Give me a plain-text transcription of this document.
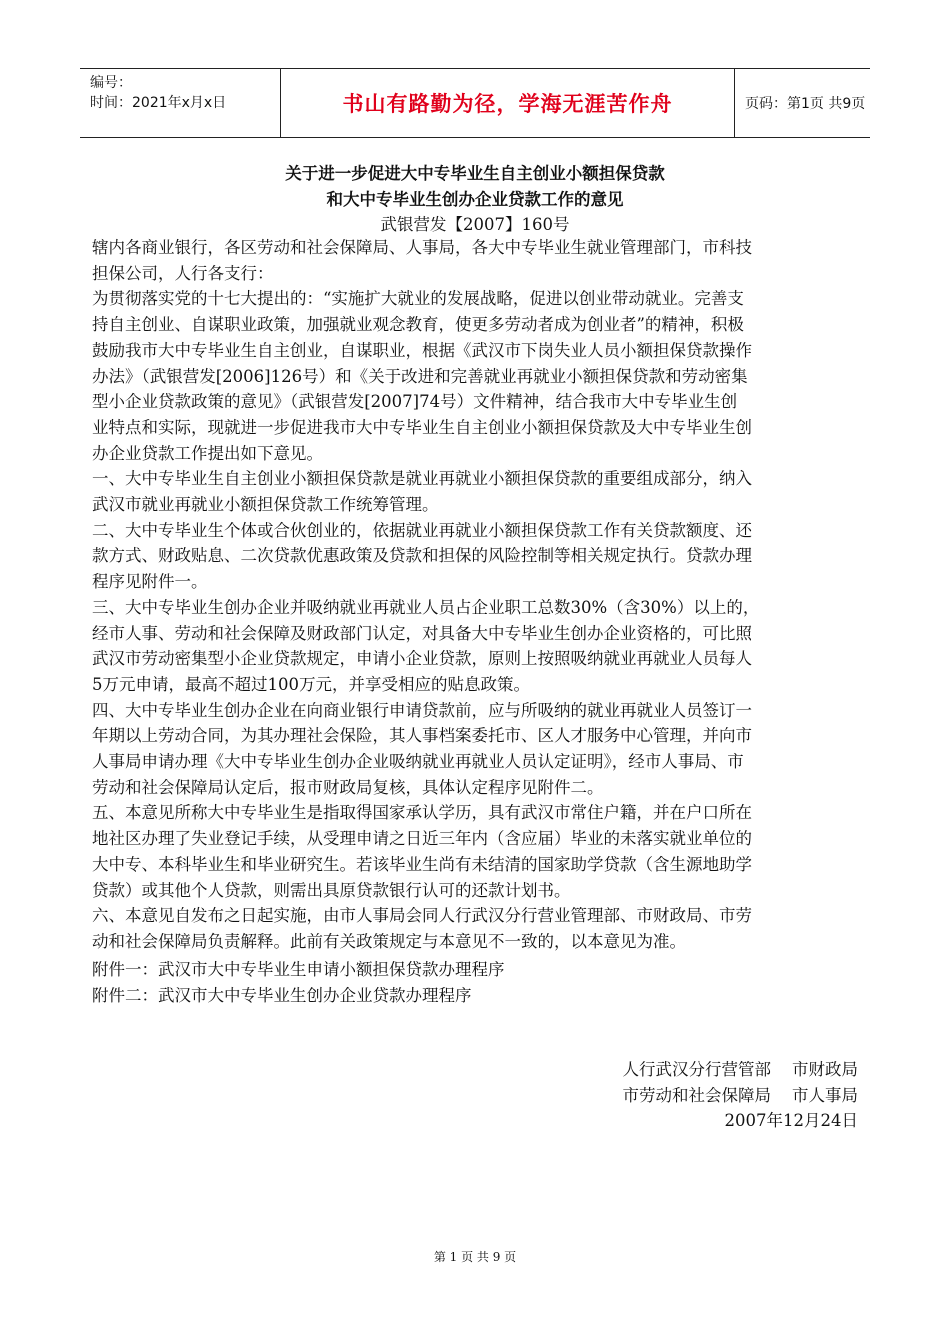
编号：
时间：2021年x月x日	书山有路勤为径，学海无涯苦作舟	页码：第1页 共9页
关于进一步促进大中专毕业生自主创业小额担保贷款
和大中专毕业生创办企业贷款工作的意见
武银营发【2007】160号
辖内各商业银行，各区劳动和社会保障局、人事局，各大中专毕业生就业管理部门，市科技
担保公司，人行各支行：
为贯彻落实党的十七大提出的：“实施扩大就业的发展战略，促进以创业带动就业。完善支
持自主创业、自谋职业政策，加强就业观念教育，使更多劳动者成为创业者”的精神，积极
鼓励我市大中专毕业生自主创业，自谋职业，根据《武汉市下岗失业人员小额担保贷款操作
办法》（武银营发[2006]126号）和《关于改进和完善就业再就业小额担保贷款和劳动密集
型小企业贷款政策的意见》（武银营发[2007]74号）文件精神，结合我市大中专毕业生创
业特点和实际，现就进一步促进我市大中专毕业生自主创业小额担保贷款及大中专毕业生创
办企业贷款工作提出如下意见。
一、大中专毕业生自主创业小额担保贷款是就业再就业小额担保贷款的重要组成部分，纳入
武汉市就业再就业小额担保贷款工作统筹管理。
二、大中专毕业生个体或合伙创业的，依据就业再就业小额担保贷款工作有关贷款额度、还
款方式、财政贴息、二次贷款优惠政策及贷款和担保的风险控制等相关规定执行。贷款办理
程序见附件一。
三、大中专毕业生创办企业并吸纳就业再就业人员占企业职工总数30%（含30%）以上的，
经市人事、劳动和社会保障及财政部门认定，对具备大中专毕业生创办企业资格的，可比照
武汉市劳动密集型小企业贷款规定，申请小企业贷款，原则上按照吸纳就业再就业人员每人
5万元申请，最高不超过100万元，并享受相应的贴息政策。
四、大中专毕业生创办企业在向商业银行申请贷款前，应与所吸纳的就业再就业人员签订一
年期以上劳动合同，为其办理社会保险，其人事档案委托市、区人才服务中心管理，并向市
人事局申请办理《大中专毕业生创办企业吸纳就业再就业人员认定证明》，经市人事局、市
劳动和社会保障局认定后，报市财政局复核，具体认定程序见附件二。
五、本意见所称大中专毕业生是指取得国家承认学历，具有武汉市常住户籍，并在户口所在
地社区办理了失业登记手续，从受理申请之日近三年内（含应届）毕业的未落实就业单位的
大中专、本科毕业生和毕业研究生。若该毕业生尚有未结清的国家助学贷款（含生源地助学
贷款）或其他个人贷款，则需出具原贷款银行认可的还款计划书。
六、本意见自发布之日起实施，由市人事局会同人行武汉分行营业管理部、市财政局、市劳
动和社会保障局负责解释。此前有关政策规定与本意见不一致的，以本意见为准。
附件一：武汉市大中专毕业生申请小额担保贷款办理程序
附件二：武汉市大中专毕业生创办企业贷款办理程序
人行武汉分行营管部    市财政局
市劳动和社会保障局    市人事局
2007年12月24日
第 1 页 共 9 页
